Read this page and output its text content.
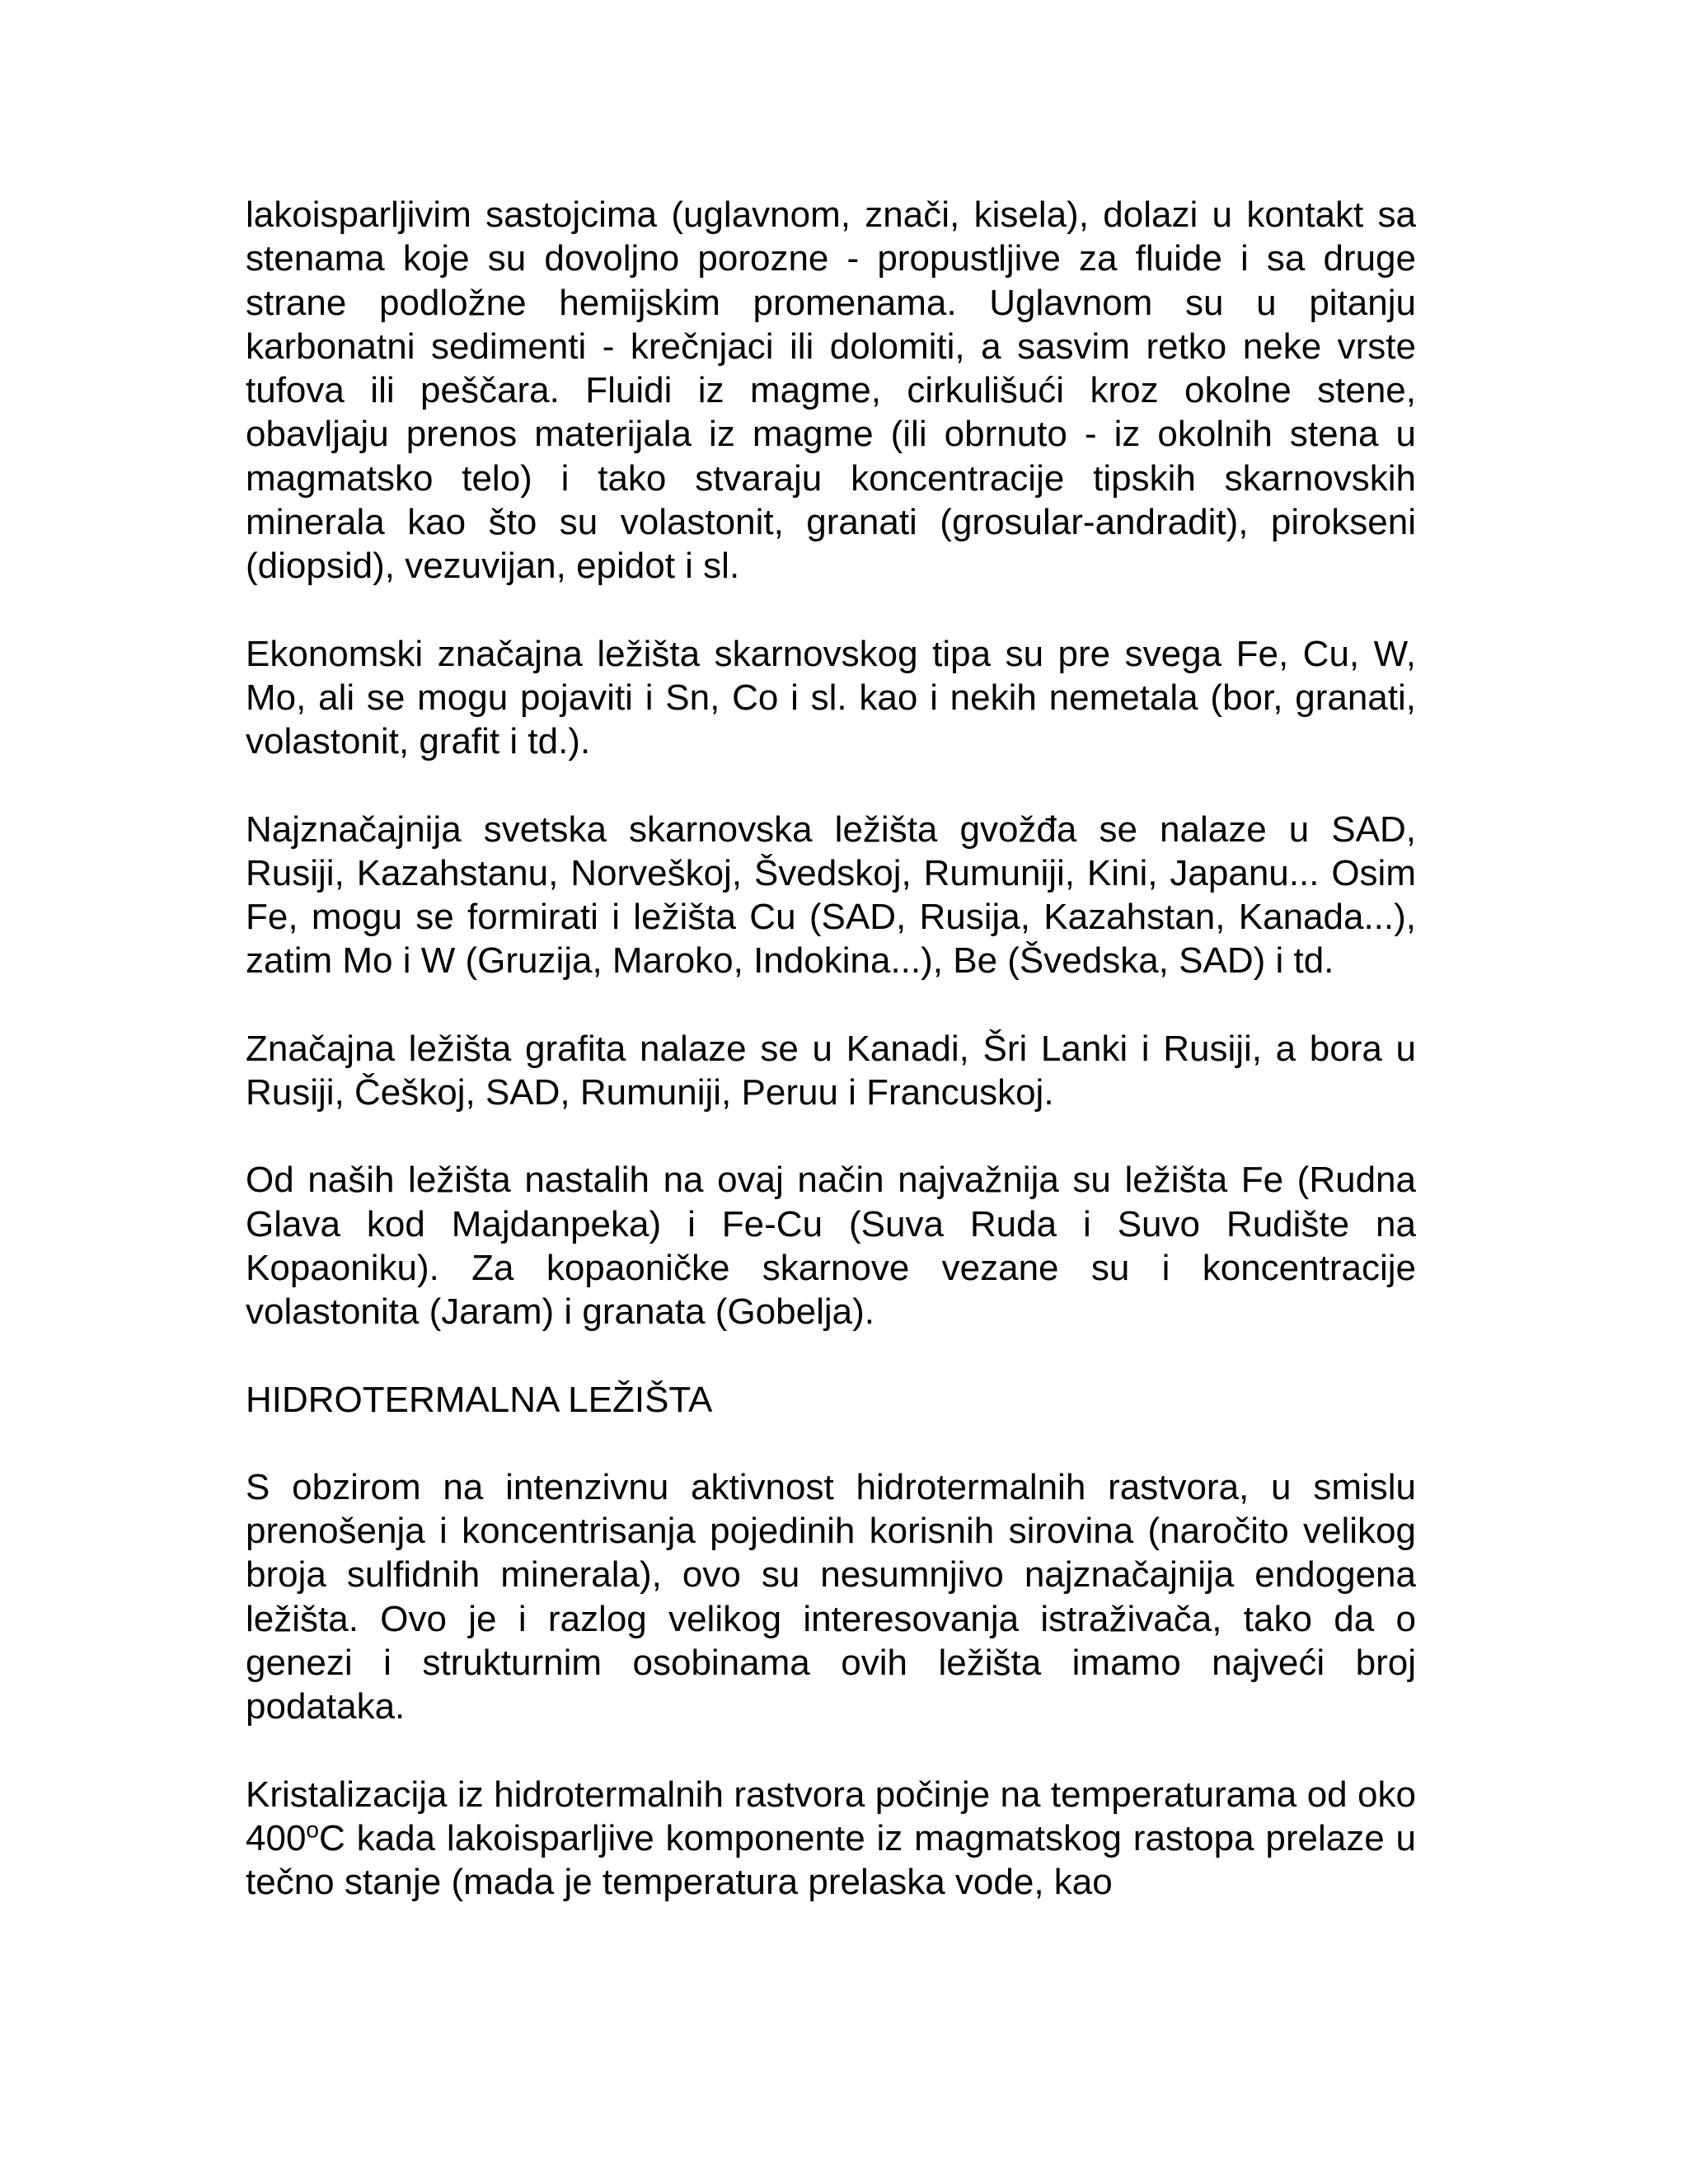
lakoisparljivim sastojcima (uglavnom, znači, kisela), dolazi u kontakt sa stenama koje su dovoljno porozne - propustljive za fluide i sa druge strane podložne hemijskim promenama. Uglavnom su u pitanju karbonatni sedimenti - krečnjaci ili dolomiti, a sasvim retko neke vrste tufova ili peščara. Fluidi iz magme, cirkulišući kroz okolne stene, obavljaju prenos materijala iz magme (ili obrnuto - iz okolnih stena u magmatsko telo) i tako stvaraju koncentracije tipskih skarnovskih minerala kao što su volastonit, granati (grosular-andradit), pirokseni (diopsid), vezuvijan, epidot i sl.

Ekonomski značajna ležišta skarnovskog tipa su pre svega Fe, Cu, W, Mo, ali se mogu pojaviti i Sn, Co i sl. kao i nekih nemetala (bor, granati, volastonit, grafit i td.).

Najznačajnija svetska skarnovska ležišta gvožđa se nalaze u SAD, Rusiji, Kazahstanu, Norveškoj, Švedskoj, Rumuniji, Kini, Japanu... Osim Fe, mogu se formirati i ležišta Cu (SAD, Rusija, Kazahstan, Kanada...), zatim Mo i W (Gruzija, Maroko, Indokina...), Be (Švedska, SAD) i td.

Značajna ležišta grafita nalaze se u Kanadi, Šri Lanki i Rusiji, a bora u Rusiji, Češkoj, SAD, Rumuniji, Peruu i Francuskoj.

Od naših ležišta nastalih na ovaj način najvažnija su ležišta Fe (Rudna Glava kod Majdanpeka) i Fe-Cu (Suva Ruda i Suvo Rudište na Kopaoniku). Za kopaoničke skarnove vezane su i koncentracije volastonita (Jaram) i granata (Gobelja).

HIDROTERMALNA LEŽIŠTA

S obzirom na intenzivnu aktivnost hidrotermalnih rastvora, u smislu prenošenja i koncentrisanja pojedinih korisnih sirovina (naročito velikog broja sulfidnih minerala), ovo su nesumnjivo najznačajnija endogena ležišta. Ovo je i razlog velikog interesovanja istraživača, tako da o genezi i strukturnim osobinama ovih ležišta imamo najveći broj podataka.

Kristalizacija iz hidrotermalnih rastvora počinje na temperaturama od oko 400$^o$C kada lakoisparljive komponente iz magmatskog rastopa prelaze u tečno stanje (mada je temperatura prelaska vode, kao
